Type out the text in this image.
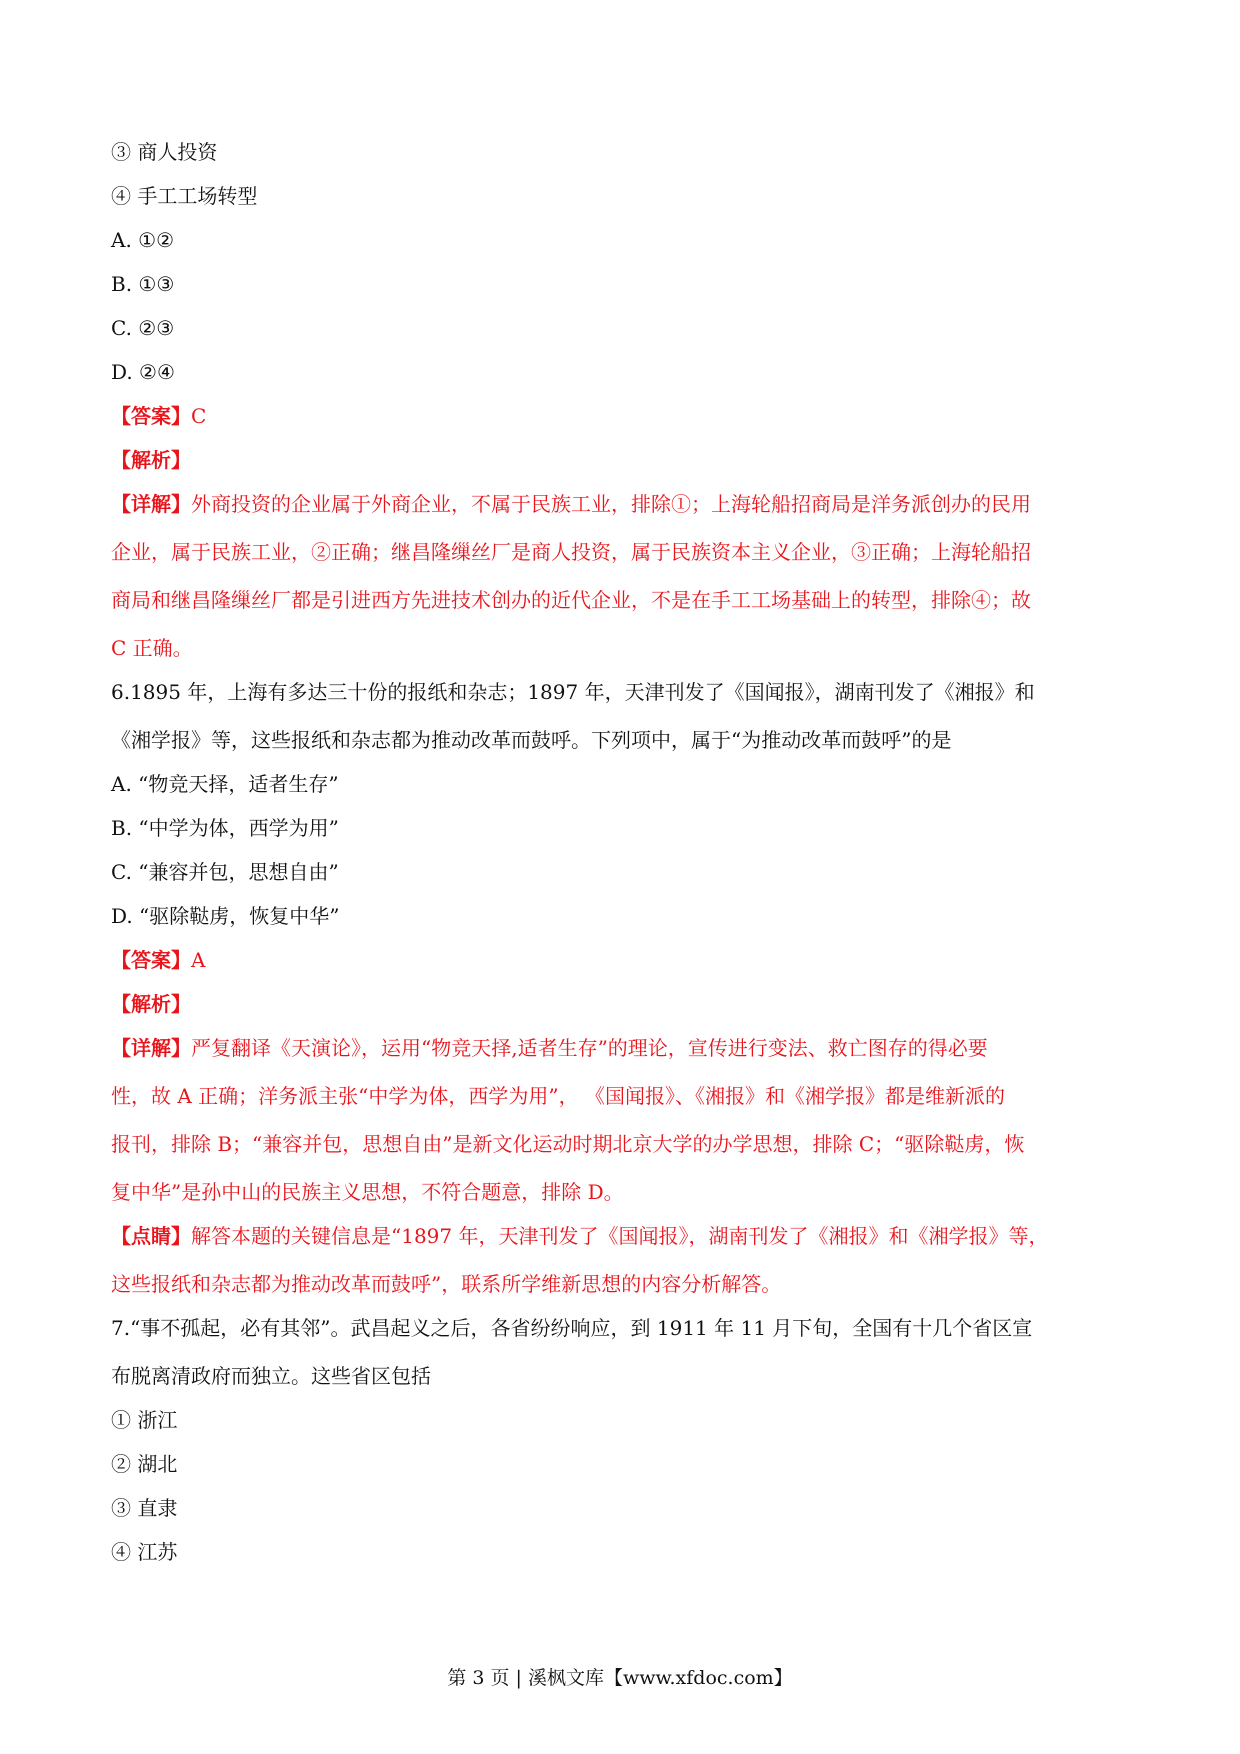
③ 商人投资
④ 手工工场转型
A. ①②
B. ①③
C. ②③
D. ②④
【答案】C
【解析】
【详解】外商投资的企业属于外商企业，不属于民族工业，排除①；上海轮船招商局是洋务派创办的民用
企业，属于民族工业，②正确；继昌隆缫丝厂是商人投资，属于民族资本主义企业，③正确；上海轮船招
商局和继昌隆缫丝厂都是引进西方先进技术创办的近代企业，不是在手工工场基础上的转型，排除④；故
C 正确。
6.1895 年，上海有多达三十份的报纸和杂志；1897 年，天津刊发了《国闻报》，湖南刊发了《湘报》和
《湘学报》等，这些报纸和杂志都为推动改革而鼓呼。下列项中，属于“为推动改革而鼓呼”的是
A. “物竞天择，适者生存”
B. “中学为体，西学为用”
C. “兼容并包，思想自由”
D. “驱除鞑虏，恢复中华”
【答案】A
【解析】
【详解】严复翻译《天演论》，运用“物竞天择,适者生存”的理论，宣传进行变法、救亡图存的得必要
性，故 A 正确；洋务派主张“中学为体，西学为用”， 《国闻报》、《湘报》和《湘学报》都是维新派的
报刊，排除 B；“兼容并包，思想自由”是新文化运动时期北京大学的办学思想，排除 C；“驱除鞑虏，恢
复中华”是孙中山的民族主义思想，不符合题意，排除 D。
【点睛】解答本题的关键信息是“1897 年，天津刊发了《国闻报》，湖南刊发了《湘报》和《湘学报》等，
这些报纸和杂志都为推动改革而鼓呼”，联系所学维新思想的内容分析解答。
7.“事不孤起，必有其邻”。武昌起义之后，各省纷纷响应，到 1911 年 11 月下旬，全国有十几个省区宣
布脱离清政府而独立。这些省区包括
① 浙江
② 湖北
③ 直隶
④ 江苏
第 3 页 | 溪枫文库【www.xfdoc.com】
